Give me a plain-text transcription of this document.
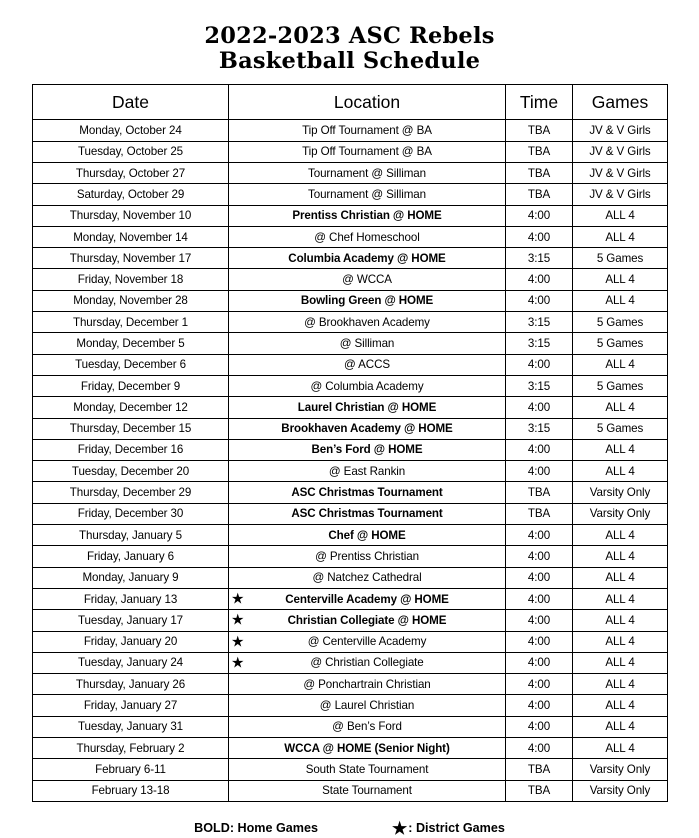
2022-2023 ASC Rebels
Basketball Schedule
Date	Location	Time	Games
Monday, October 24	Tip Off Tournament @ BA	TBA	JV & V Girls
Tuesday, October 25	Tip Off Tournament @ BA	TBA	JV & V Girls
Thursday, October 27	Tournament @ Silliman	TBA	JV & V Girls
Saturday, October 29	Tournament @ Silliman	TBA	JV & V Girls
Thursday, November 10	Prentiss Christian @ HOME	4:00	ALL 4
Monday, November 14	@ Chef Homeschool	4:00	ALL 4
Thursday, November 17	Columbia Academy @ HOME	3:15	5 Games
Friday, November 18	@ WCCA	4:00	ALL 4
Monday, November 28	Bowling Green @ HOME	4:00	ALL 4
Thursday, December 1	@ Brookhaven Academy	3:15	5 Games
Monday, December 5	@ Silliman	3:15	5 Games
Tuesday, December 6	@ ACCS	4:00	ALL 4
Friday, December 9	@ Columbia Academy	3:15	5 Games
Monday, December 12	Laurel Christian @ HOME	4:00	ALL 4
Thursday, December 15	Brookhaven Academy @ HOME	3:15	5 Games
Friday, December 16	Ben’s Ford @ HOME	4:00	ALL 4
Tuesday, December 20	@ East Rankin	4:00	ALL 4
Thursday, December 29	ASC Christmas Tournament	TBA	Varsity Only
Friday, December 30	ASC Christmas Tournament	TBA	Varsity Only
Thursday, January 5	Chef @ HOME	4:00	ALL 4
Friday, January 6	@ Prentiss Christian	4:00	ALL 4
Monday, January 9	@ Natchez Cathedral	4:00	ALL 4
Friday, January 13	★ Centerville Academy @ HOME	4:00	ALL 4
Tuesday, January 17	★ Christian Collegiate @ HOME	4:00	ALL 4
Friday, January 20	★ @ Centerville Academy	4:00	ALL 4
Tuesday, January 24	★ @ Christian Collegiate	4:00	ALL 4
Thursday, January 26	@ Ponchartrain Christian	4:00	ALL 4
Friday, January 27	@ Laurel Christian	4:00	ALL 4
Tuesday, January 31	@ Ben’s Ford	4:00	ALL 4
Thursday, February 2	WCCA @ HOME (Senior Night)	4:00	ALL 4
February 6-11	South State Tournament	TBA	Varsity Only
February 13-18	State Tournament	TBA	Varsity Only
BOLD: Home Games	★ : District Games
